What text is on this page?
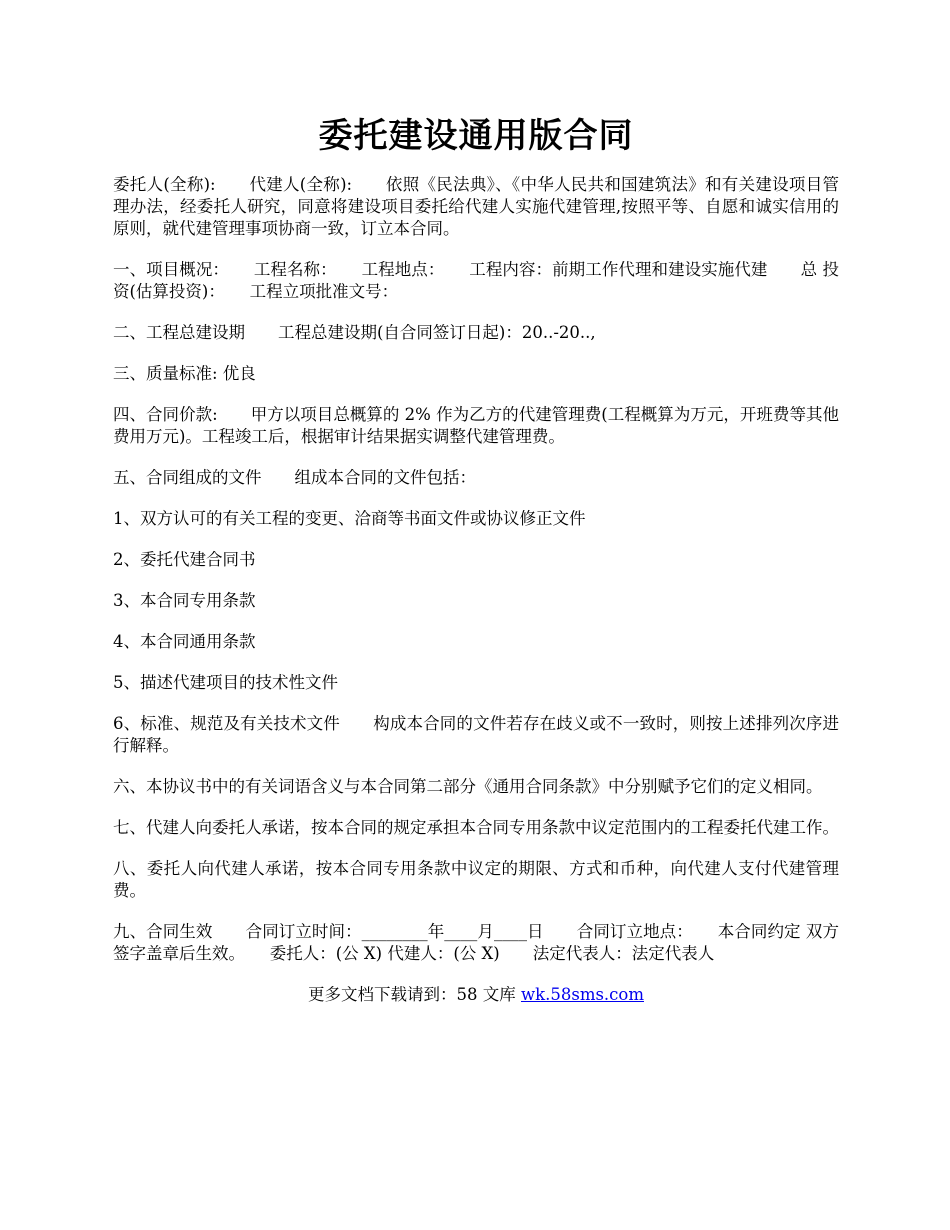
委托建设通用版合同

委托人(全称):　　代建人(全称):　　依照《民法典》、《中华人民共和国建筑法》和有关建设项目管理办法，经委托人研究，同意将建设项目委托给代建人实施代建管理,按照平等、自愿和诚实信用的原则，就代建管理事项协商一致，订立本合同。

一、项目概况：　　工程名称：　　工程地点：　　工程内容：前期工作代理和建设实施代建　　总 投 资(估算投资)：　　工程立项批准文号：

二、工程总建设期　　工程总建设期(自合同签订日起)：20..-20..,

三、质量标准: 优良

四、合同价款:　　甲方以项目总概算的 2% 作为乙方的代建管理费(工程概算为万元，开班费等其他费用万元)。工程竣工后，根据审计结果据实调整代建管理费。

五、合同组成的文件　　组成本合同的文件包括：

1、双方认可的有关工程的变更、洽商等书面文件或协议修正文件

2、委托代建合同书

3、本合同专用条款

4、本合同通用条款

5、描述代建项目的技术性文件

6、标准、规范及有关技术文件　　构成本合同的文件若存在歧义或不一致时，则按上述排列次序进行解释。

六、本协议书中的有关词语含义与本合同第二部分《通用合同条款》中分别赋予它们的定义相同。

七、代建人向委托人承诺，按本合同的规定承担本合同专用条款中议定范围内的工程委托代建工作。

八、委托人向代建人承诺，按本合同专用条款中议定的期限、方式和币种，向代建人支付代建管理费。

九、合同生效　　合同订立时间：________年____月____日　　合同订立地点：　　本合同约定 双方签字盖章后生效。　　委托人：(公 X) 代建人：(公 X)　　法定代表人：法定代表人

更多文档下载请到：58 文库 wk.58sms.com
